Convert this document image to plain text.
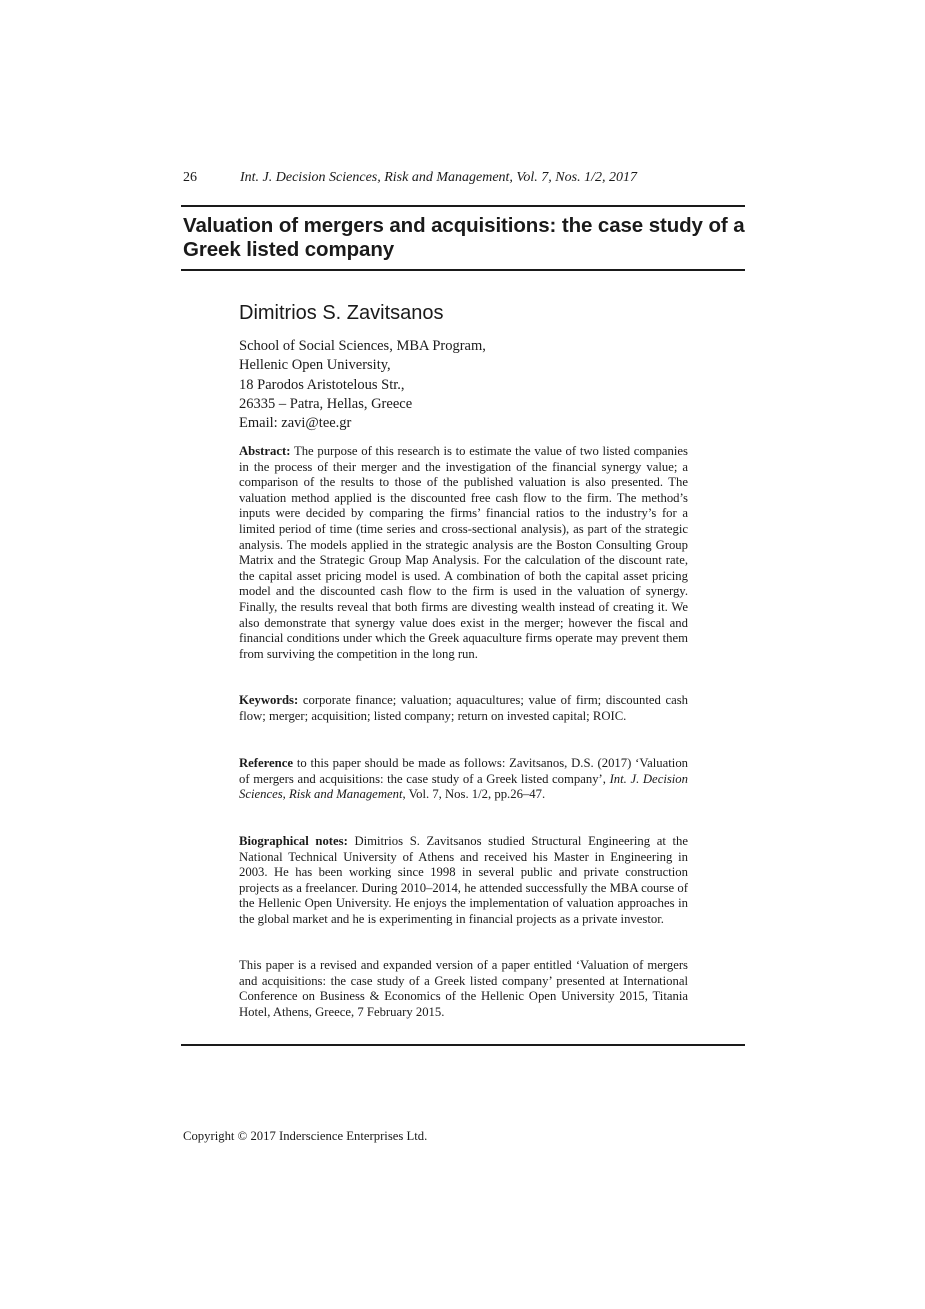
26	Int. J. Decision Sciences, Risk and Management, Vol. 7, Nos. 1/2, 2017
Valuation of mergers and acquisitions: the case study of a Greek listed company
Dimitrios S. Zavitsanos
School of Social Sciences, MBA Program,
Hellenic Open University,
18 Parodos Aristotelous Str.,
26335 – Patra, Hellas, Greece
Email: zavi@tee.gr
Abstract: The purpose of this research is to estimate the value of two listed companies in the process of their merger and the investigation of the financial synergy value; a comparison of the results to those of the published valuation is also presented. The valuation method applied is the discounted free cash flow to the firm. The method’s inputs were decided by comparing the firms’ financial ratios to the industry’s for a limited period of time (time series and cross-sectional analysis), as part of the strategic analysis. The models applied in the strategic analysis are the Boston Consulting Group Matrix and the Strategic Group Map Analysis. For the calculation of the discount rate, the capital asset pricing model is used. A combination of both the capital asset pricing model and the discounted cash flow to the firm is used in the valuation of synergy. Finally, the results reveal that both firms are divesting wealth instead of creating it. We also demonstrate that synergy value does exist in the merger; however the fiscal and financial conditions under which the Greek aquaculture firms operate may prevent them from surviving the competition in the long run.
Keywords: corporate finance; valuation; aquacultures; value of firm; discounted cash flow; merger; acquisition; listed company; return on invested capital; ROIC.
Reference to this paper should be made as follows: Zavitsanos, D.S. (2017) ‘Valuation of mergers and acquisitions: the case study of a Greek listed company’, Int. J. Decision Sciences, Risk and Management, Vol. 7, Nos. 1/2, pp.26–47.
Biographical notes: Dimitrios S. Zavitsanos studied Structural Engineering at the National Technical University of Athens and received his Master in Engineering in 2003. He has been working since 1998 in several public and private construction projects as a freelancer. During 2010–2014, he attended successfully the MBA course of the Hellenic Open University. He enjoys the implementation of valuation approaches in the global market and he is experimenting in financial projects as a private investor.
This paper is a revised and expanded version of a paper entitled ‘Valuation of mergers and acquisitions: the case study of a Greek listed company’ presented at International Conference on Business & Economics of the Hellenic Open University 2015, Titania Hotel, Athens, Greece, 7 February 2015.
Copyright © 2017 Inderscience Enterprises Ltd.
